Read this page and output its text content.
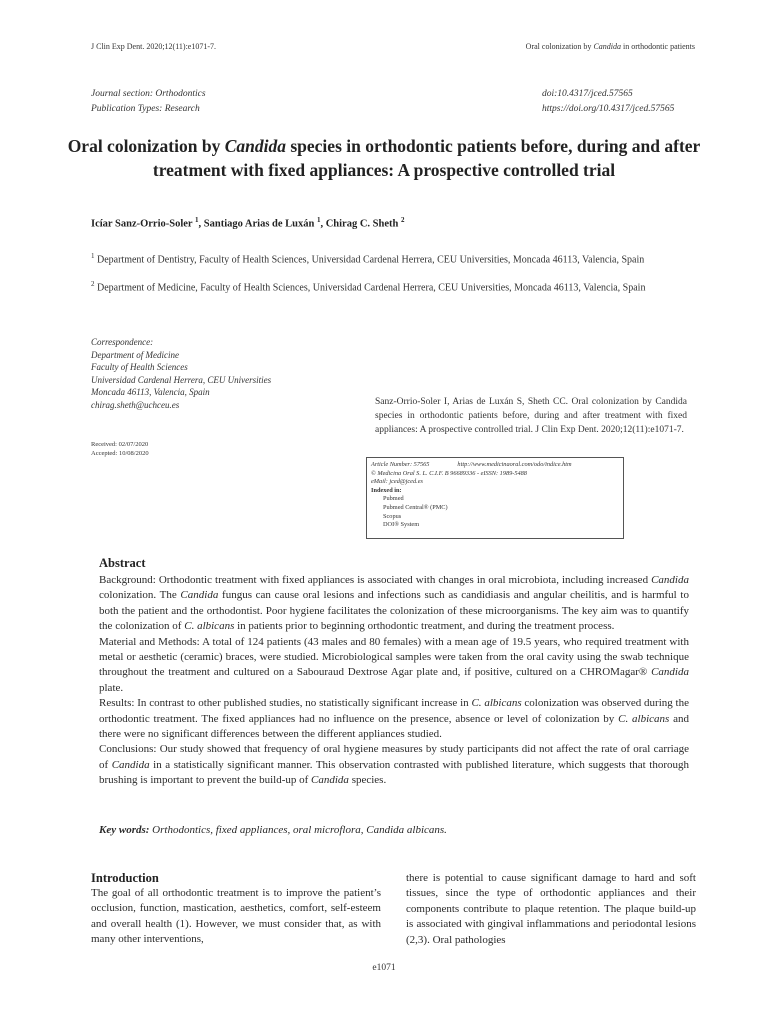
J Clin Exp Dent. 2020;12(11):e1071-7.	Oral colonization by Candida in orthodontic patients
Journal section: Orthodontics
Publication Types: Research
doi:10.4317/jced.57565
https://doi.org/10.4317/jced.57565
Oral colonization by Candida species in orthodontic patients before, during and after treatment with fixed appliances: A prospective controlled trial
Icíar Sanz-Orrio-Soler $^1$, Santiago Arias de Luxán $^1$, Chirag C. Sheth $^2$
$^1$ Department of Dentistry, Faculty of Health Sciences, Universidad Cardenal Herrera, CEU Universities, Moncada 46113, Valencia, Spain
$^2$ Department of Medicine, Faculty of Health Sciences, Universidad Cardenal Herrera, CEU Universities, Moncada 46113, Valencia, Spain
Correspondence:
Department of Medicine
Faculty of Health Sciences
Universidad Cardenal Herrera, CEU Universities
Moncada 46113, Valencia, Spain
chirag.sheth@uchceu.es
Received: 02/07/2020
Accepted: 10/08/2020
Sanz-Orrio-Soler I, Arias de Luxán S, Sheth CC. Oral colonization by Candida species in orthodontic patients before, during and after treatment with fixed appliances: A prospective controlled trial. J Clin Exp Dent. 2020;12(11):e1071-7.
Article Number: 57565	http://www.medicinaoral.com/odo/indice.htm
© Medicina Oral S. L. C.I.F. B 96689336 - eISSN: 1989-5488
eMail: jced@jced.es
Indexed in:
Pubmed
Pubmed Central® (PMC)
Scopus
DOI® System
Abstract

Background: Orthodontic treatment with fixed appliances is associated with changes in oral microbiota, including increased Candida colonization. The Candida fungus can cause oral lesions and infections such as candidiasis and angular cheilitis, and is harmful to both the patient and the orthodontist. Poor hygiene facilitates the colonization of these microorganisms. The key aim was to quantify the colonization of C. albicans in patients prior to beginning orthodontic treatment, and during the treatment process.

Material and Methods: A total of 124 patients (43 males and 80 females) with a mean age of 19.5 years, who required treatment with metal or aesthetic (ceramic) braces, were studied. Microbiological samples were taken from the oral cavity using the swab technique throughout the treatment and cultured on a Sabouraud Dextrose Agar plate and, if positive, cultured on a CHROMagar® Candida plate.

Results: In contrast to other published studies, no statistically significant increase in C. albicans colonization was observed during the orthodontic treatment. The fixed appliances had no influence on the presence, absence or level of colonization by C. albicans and there were no significant differences between the different appliances studied.

Conclusions: Our study showed that frequency of oral hygiene measures by study participants did not affect the rate of oral carriage of Candida in a statistically significant manner. This observation contrasted with published literature, which suggests that thorough brushing is important to prevent the build-up of Candida species.

Key words: Orthodontics, fixed appliances, oral microflora, Candida albicans.
Introduction
The goal of all orthodontic treatment is to improve the patient’s occlusion, function, mastication, aesthetics, comfort, self-esteem and overall health (1). However, we must consider that, as with many other interventions,
there is potential to cause significant damage to hard and soft tissues, since the type of orthodontic appliances and their components contribute to plaque retention. The plaque build-up is associated with gingival inflammations and periodontal lesions (2,3). Oral pathologies
e1071
